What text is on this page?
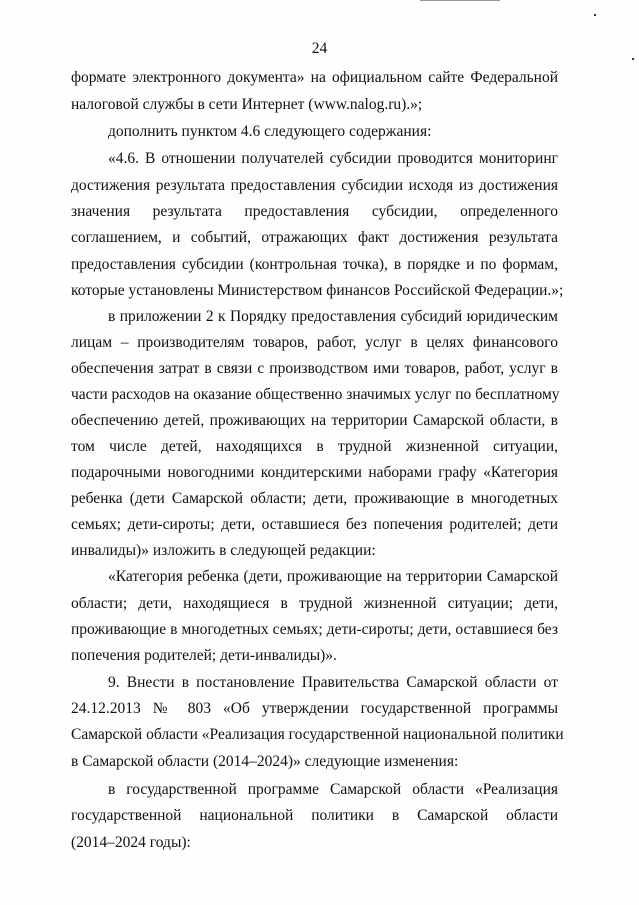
24
формате электронного документа» на официальном сайте Федеральной
налоговой службы в сети Интернет (www.nalog.ru).»;
дополнить пунктом 4.6 следующего содержания:
«4.6. В отношении получателей субсидии проводится мониторинг
достижения результата предоставления субсидии исходя из достижения
значения результата предоставления субсидии, определенного
соглашением, и событий, отражающих факт достижения результата
предоставления субсидии (контрольная точка), в порядке и по формам,
которые установлены Министерством финансов Российской Федерации.»;
в приложении 2 к Порядку предоставления субсидий юридическим
лицам – производителям товаров, работ, услуг в целях финансового
обеспечения затрат в связи с производством ими товаров, работ, услуг в
части расходов на оказание общественно значимых услуг по бесплатному
обеспечению детей, проживающих на территории Самарской области, в
том числе детей, находящихся в трудной жизненной ситуации,
подарочными новогодними кондитерскими наборами графу «Категория
ребенка (дети Самарской области; дети, проживающие в многодетных
семьях; дети-сироты; дети, оставшиеся без попечения родителей; дети
инвалиды)» изложить в следующей редакции:
«Категория ребенка (дети, проживающие на территории Самарской
области; дети, находящиеся в трудной жизненной ситуации; дети,
проживающие в многодетных семьях; дети-сироты; дети, оставшиеся без
попечения родителей; дети-инвалиды)».
9. Внести в постановление Правительства Самарской области от
24.12.2013 № 803 «Об утверждении государственной программы
Самарской области «Реализация государственной национальной политики
в Самарской области (2014–2024)» следующие изменения:
в государственной программе Самарской области «Реализация
государственной национальной политики в Самарской области
(2014–2024 годы):
